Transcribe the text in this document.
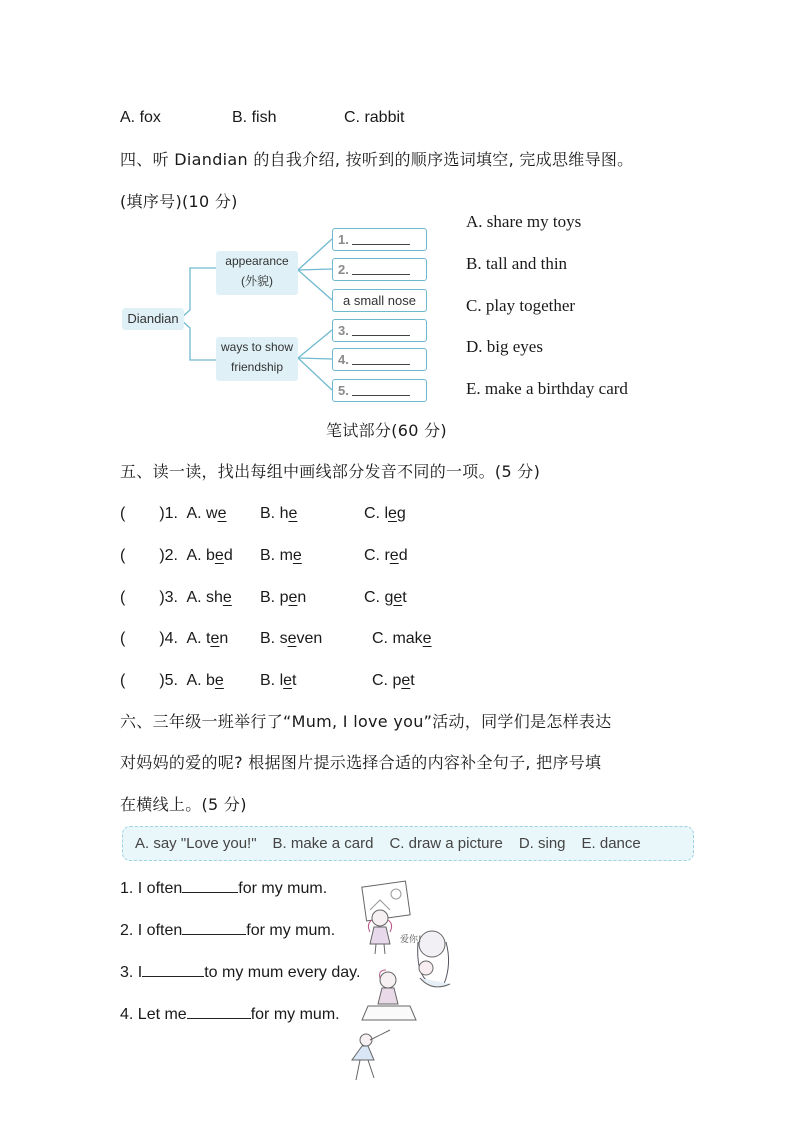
A. fox	B. fish	C. rabbit
四、听 Diandian 的自我介绍, 按听到的顺序选词填空, 完成思维导图。
(填序号)(10 分)
Diandian
appearance
(外貌)
ways to show
friendship
1.
2.
a small nose
3.
4.
5.
A. share my toys
B. tall and thin
C. play together
D. big eyes
E. make a birthday card
笔试部分(60 分)
五、读一读，找出每组中画线部分发音不同的一项。(5 分)
( )1. A. we B. he	C. leg
( )2. A. bed B. me	C. red
( )3. A. she B. pen	C. get
( )4. A. ten B. seven	C. make
( )5. A. be B. let	C. pet
六、三年级一班举行了“Mum, I love you”活动，同学们是怎样表达
对妈妈的爱的呢? 根据图片提示选择合适的内容补全句子, 把序号填
在横线上。(5 分)
A. say "Love you!" B. make a card C. draw a picture D. sing E. dance
1. I often	for my mum.
2. I often	for my mum.
3. I	to my mum every day.
4. Let me	for my mum.
爱你!
